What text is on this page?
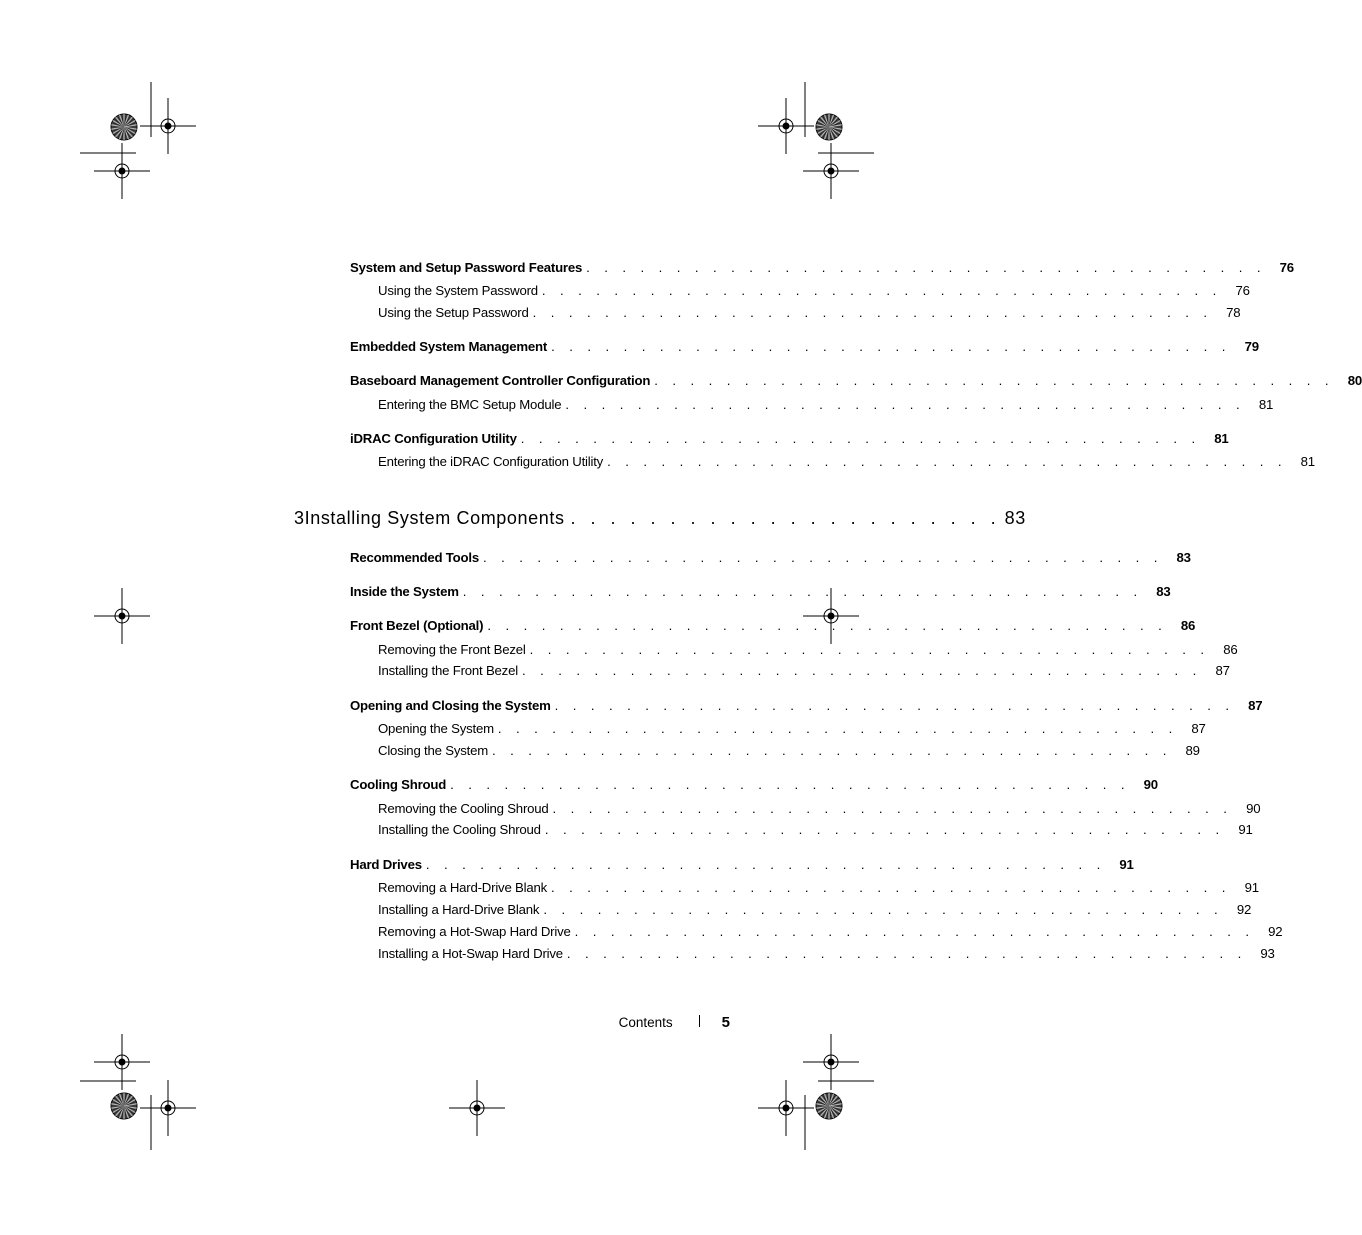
System and Setup Password Features . . . . . . . . . . . . . . . . . . . . . . . . . . . . . . . . . . . . . .	76
Using the System Password . . . . . . . . . . . . . . . . . . . . . . . . . . . . . . . . . . . . . .	76
Using the Setup Password . . . . . . . . . . . . . . . . . . . . . . . . . . . . . . . . . . . . . .	78
Embedded System Management . . . . . . . . . . . . . . . . . . . . . . . . . . . . . . . . . . . . . .	79
Baseboard Management Controller Configuration . . . . . . . . . . . . . . . . . . . . . . . . . . . . . . . . . . . . . .	80
Entering the BMC Setup Module . . . . . . . . . . . . . . . . . . . . . . . . . . . . . . . . . . . . . .	81
iDRAC Configuration Utility . . . . . . . . . . . . . . . . . . . . . . . . . . . . . . . . . . . . . .	81
Entering the iDRAC Configuration Utility . . . . . . . . . . . . . . . . . . . . . . . . . . . . . . . . . . . . . .	81
3 Installing System Components . . . . . . . . . . . . . . . . . . . . . . 83
Recommended Tools . . . . . . . . . . . . . . . . . . . . . . . . . . . . . . . . . . . . . .	83
Inside the System . . . . . . . . . . . . . . . . . . . . . . . . . . . . . . . . . . . . . .	83
Front Bezel (Optional) . . . . . . . . . . . . . . . . . . . . . . . . . . . . . . . . . . . . . .	86
Removing the Front Bezel . . . . . . . . . . . . . . . . . . . . . . . . . . . . . . . . . . . . . .	86
Installing the Front Bezel . . . . . . . . . . . . . . . . . . . . . . . . . . . . . . . . . . . . . .	87
Opening and Closing the System . . . . . . . . . . . . . . . . . . . . . . . . . . . . . . . . . . . . . .	87
Opening the System . . . . . . . . . . . . . . . . . . . . . . . . . . . . . . . . . . . . . .	87
Closing the System . . . . . . . . . . . . . . . . . . . . . . . . . . . . . . . . . . . . . .	89
Cooling Shroud . . . . . . . . . . . . . . . . . . . . . . . . . . . . . . . . . . . . . .	90
Removing the Cooling Shroud . . . . . . . . . . . . . . . . . . . . . . . . . . . . . . . . . . . . . .	90
Installing the Cooling Shroud . . . . . . . . . . . . . . . . . . . . . . . . . . . . . . . . . . . . . .	91
Hard Drives . . . . . . . . . . . . . . . . . . . . . . . . . . . . . . . . . . . . . .	91
Removing a Hard-Drive Blank . . . . . . . . . . . . . . . . . . . . . . . . . . . . . . . . . . . . . .	91
Installing a Hard-Drive Blank . . . . . . . . . . . . . . . . . . . . . . . . . . . . . . . . . . . . . .	92
Removing a Hot-Swap Hard Drive . . . . . . . . . . . . . . . . . . . . . . . . . . . . . . . . . . . . . .	92
Installing a Hot-Swap Hard Drive . . . . . . . . . . . . . . . . . . . . . . . . . . . . . . . . . . . . . .	93
Contents	5
